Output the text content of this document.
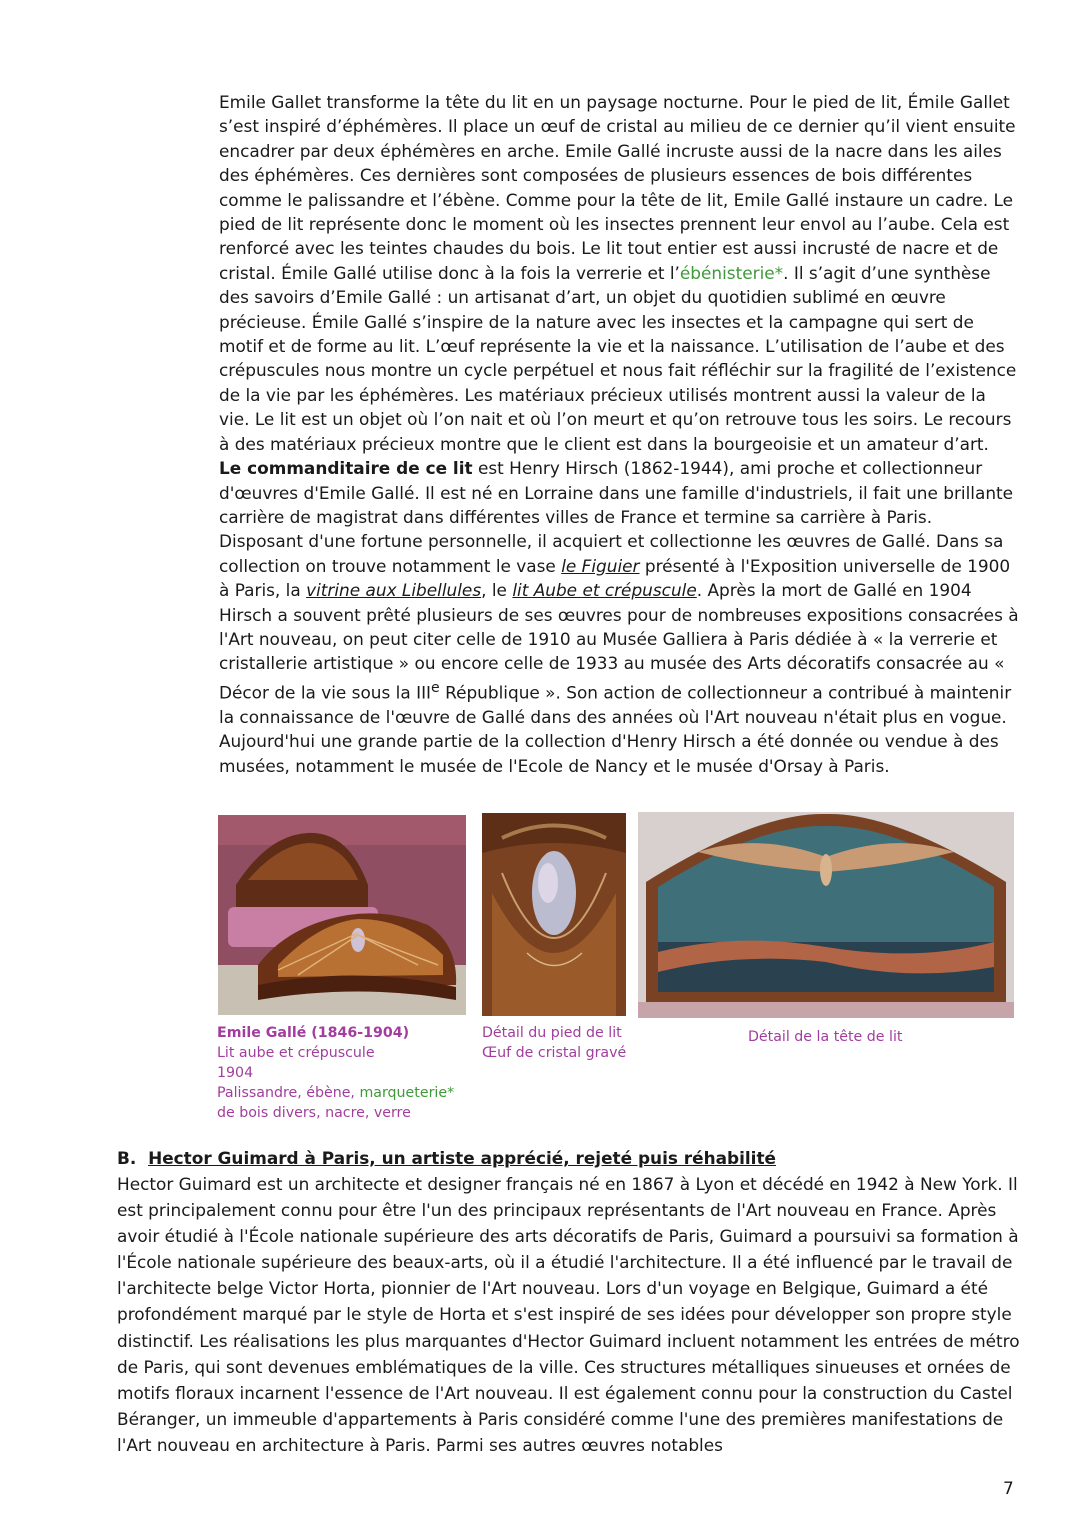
Emile Gallet transforme la tête du lit en un paysage nocturne. Pour le pied de lit, Émile Gallet s’est inspiré d’éphémères. Il place un œuf de cristal au milieu de ce dernier qu’il vient ensuite encadrer par deux éphémères en arche. Emile Gallé incruste aussi de la nacre dans les ailes des éphémères. Ces dernières sont composées de plusieurs essences de bois différentes comme le palissandre et l’ébène. Comme pour la tête de lit, Emile Gallé instaure un cadre. Le pied de lit représente donc le moment où les insectes prennent leur envol au l’aube. Cela est renforcé avec les teintes chaudes du bois. Le lit tout entier est aussi incrusté de nacre et de cristal. Émile Gallé utilise donc à la fois la verrerie et l’ébénisterie*. Il s’agit d’une synthèse des savoirs d’Emile Gallé : un artisanat d’art, un objet du quotidien sublimé en œuvre précieuse. Émile Gallé s’inspire de la nature avec les insectes et la campagne qui sert de motif et de forme au lit. L’œuf représente la vie et la naissance. L’utilisation de l’aube et des crépuscules nous montre un cycle perpétuel et nous fait réfléchir sur la fragilité de l’existence de la vie par les éphémères. Les matériaux précieux utilisés montrent aussi la valeur de la vie. Le lit est un objet où l’on nait et où l’on meurt et qu’on retrouve tous les soirs. Le recours à des matériaux précieux montre que le client est dans la bourgeoisie et un amateur d’art.

Le commanditaire de ce lit est Henry Hirsch (1862-1944), ami proche et collectionneur d'œuvres d'Emile Gallé. Il est né en Lorraine dans une famille d'industriels, il fait une brillante carrière de magistrat dans différentes villes de France et termine sa carrière à Paris. Disposant d'une fortune personnelle, il acquiert et collectionne les œuvres de Gallé. Dans sa collection on trouve notamment le vase le Figuier présenté à l'Exposition universelle de 1900 à Paris, la vitrine aux Libellules, le lit Aube et crépuscule. Après la mort de Gallé en 1904 Hirsch a souvent prêté plusieurs de ses œuvres pour de nombreuses expositions consacrées à l'Art nouveau, on peut citer celle de 1910 au Musée Galliera à Paris dédiée à « la verrerie et cristallerie artistique » ou encore celle de 1933 au musée des Arts décoratifs consacrée au « Décor de la vie sous la IIIe République ». Son action de collectionneur a contribué à maintenir la connaissance de l'œuvre de Gallé dans des années où l'Art nouveau n'était plus en vogue. Aujourd'hui une grande partie de la collection d'Henry Hirsch a été donnée ou vendue à des musées, notamment le musée de l'Ecole de Nancy et le musée d'Orsay à Paris.

Emile Gallé (1846-1904)
Lit aube et crépuscule
1904
Palissandre, ébène, marqueterie*
de bois divers, nacre, verre
Détail du pied de lit
Œuf de cristal gravé
Détail de la tête de lit
B. Hector Guimard à Paris, un artiste apprécié, rejeté puis réhabilité

Hector Guimard est un architecte et designer français né en 1867 à Lyon et décédé en 1942 à New York. Il est principalement connu pour être l'un des principaux représentants de l'Art nouveau en France. Après avoir étudié à l'École nationale supérieure des arts décoratifs de Paris, Guimard a poursuivi sa formation à l'École nationale supérieure des beaux-arts, où il a étudié l'architecture. Il a été influencé par le travail de l'architecte belge Victor Horta, pionnier de l'Art nouveau. Lors d'un voyage en Belgique, Guimard a été profondément marqué par le style de Horta et s'est inspiré de ses idées pour développer son propre style distinctif. Les réalisations les plus marquantes d'Hector Guimard incluent notamment les entrées de métro de Paris, qui sont devenues emblématiques de la ville. Ces structures métalliques sinueuses et ornées de motifs floraux incarnent l'essence de l'Art nouveau. Il est également connu pour la construction du Castel Béranger, un immeuble d'appartements à Paris considéré comme l'une des premières manifestations de l'Art nouveau en architecture à Paris. Parmi ses autres œuvres notables

7
